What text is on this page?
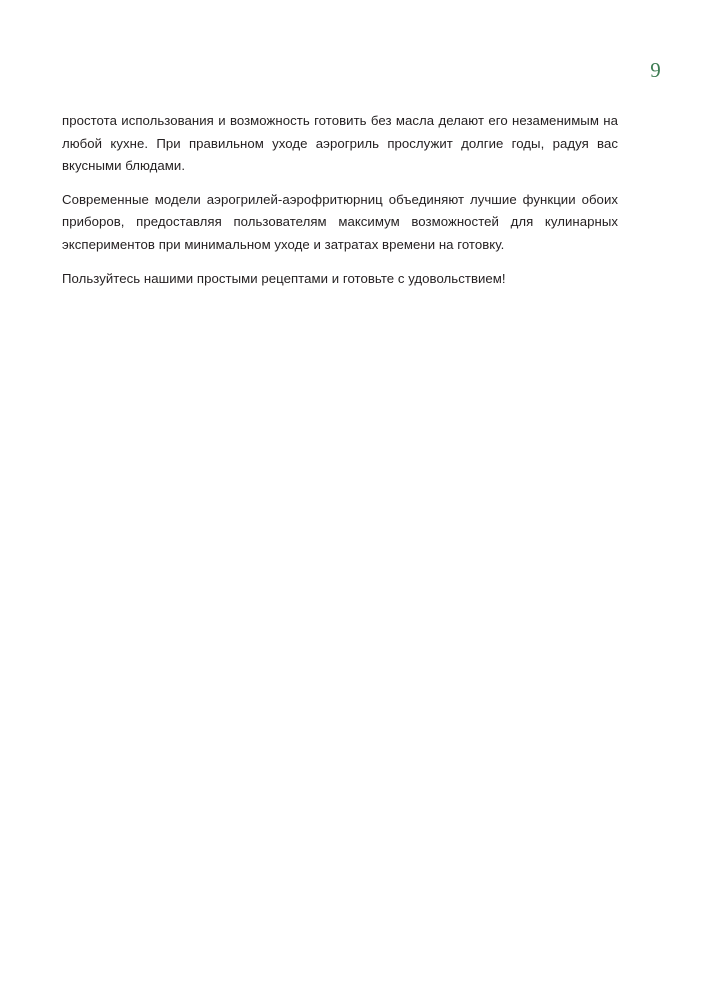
9

простота использования и возможность готовить без масла делают его незаменимым на любой кухне. При правильном уходе аэрогриль прослужит долгие годы, радуя вас вкусными блюдами.

Современные модели аэрогрилей-аэрофритюрниц объединяют лучшие функции обоих приборов, предоставляя пользователям максимум возможностей для кулинарных экспериментов при минимальном уходе и затратах времени на готовку.

Пользуйтесь нашими простыми рецептами и готовьте с удовольствием!
